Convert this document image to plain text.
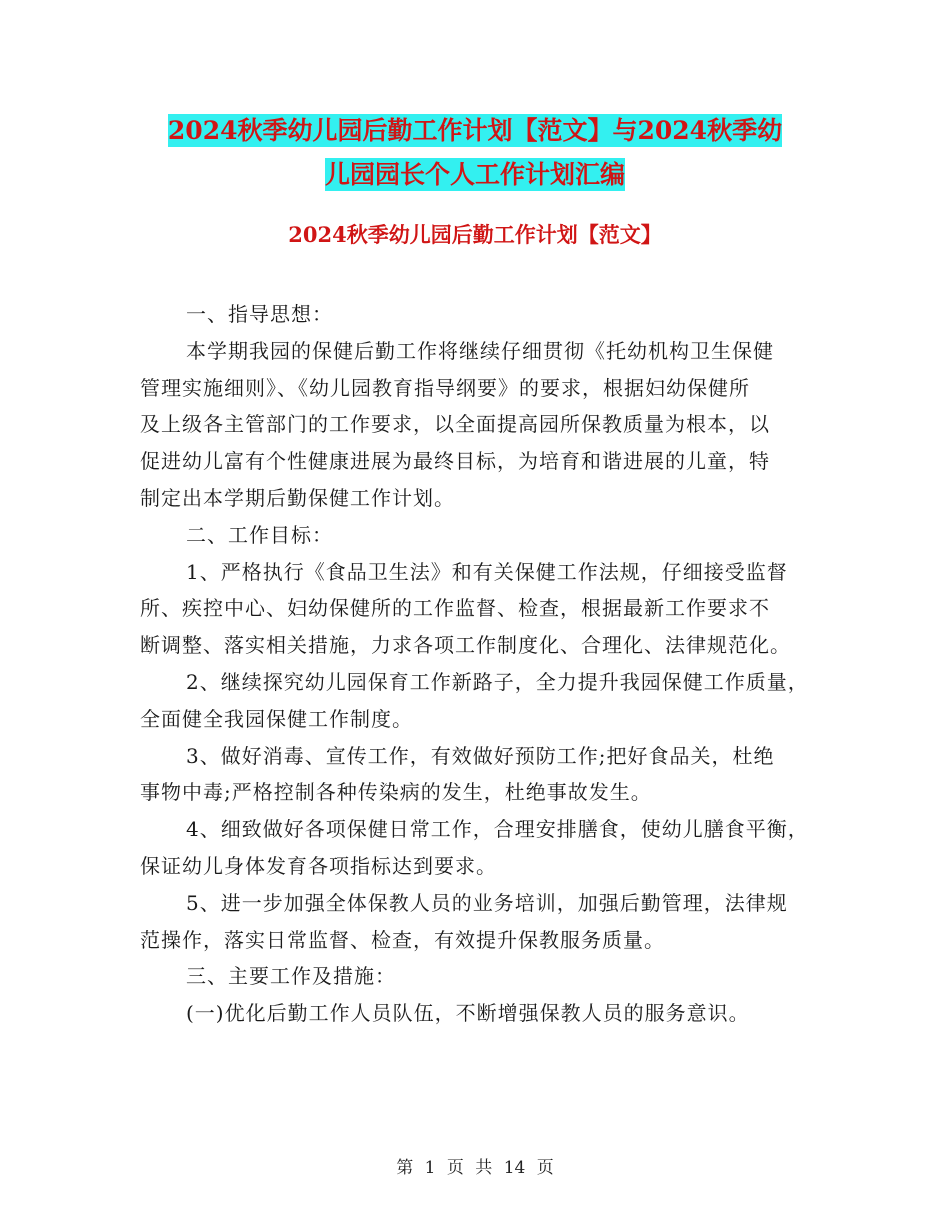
2024秋季幼儿园后勤工作计划【范文】与2024秋季幼
儿园园长个人工作计划汇编
2024秋季幼儿园后勤工作计划【范文】
一、指导思想：
本学期我园的保健后勤工作将继续仔细贯彻《托幼机构卫生保健
管理实施细则》、《幼儿园教育指导纲要》的要求，根据妇幼保健所
及上级各主管部门的工作要求，以全面提高园所保教质量为根本，以
促进幼儿富有个性健康进展为最终目标，为培育和谐进展的儿童，特
制定出本学期后勤保健工作计划。
二、工作目标：
1、严格执行《食品卫生法》和有关保健工作法规，仔细接受监督
所、疾控中心、妇幼保健所的工作监督、检查，根据最新工作要求不
断调整、落实相关措施，力求各项工作制度化、合理化、法律规范化。
2、继续探究幼儿园保育工作新路子，全力提升我园保健工作质量，
全面健全我园保健工作制度。
3、做好消毒、宣传工作，有效做好预防工作;把好食品关，杜绝
事物中毒;严格控制各种传染病的发生，杜绝事故发生。
4、细致做好各项保健日常工作，合理安排膳食，使幼儿膳食平衡，
保证幼儿身体发育各项指标达到要求。
5、进一步加强全体保教人员的业务培训，加强后勤管理，法律规
范操作，落实日常监督、检查，有效提升保教服务质量。
三、主要工作及措施：
(一)优化后勤工作人员队伍，不断增强保教人员的服务意识。
第 1 页 共 14 页
